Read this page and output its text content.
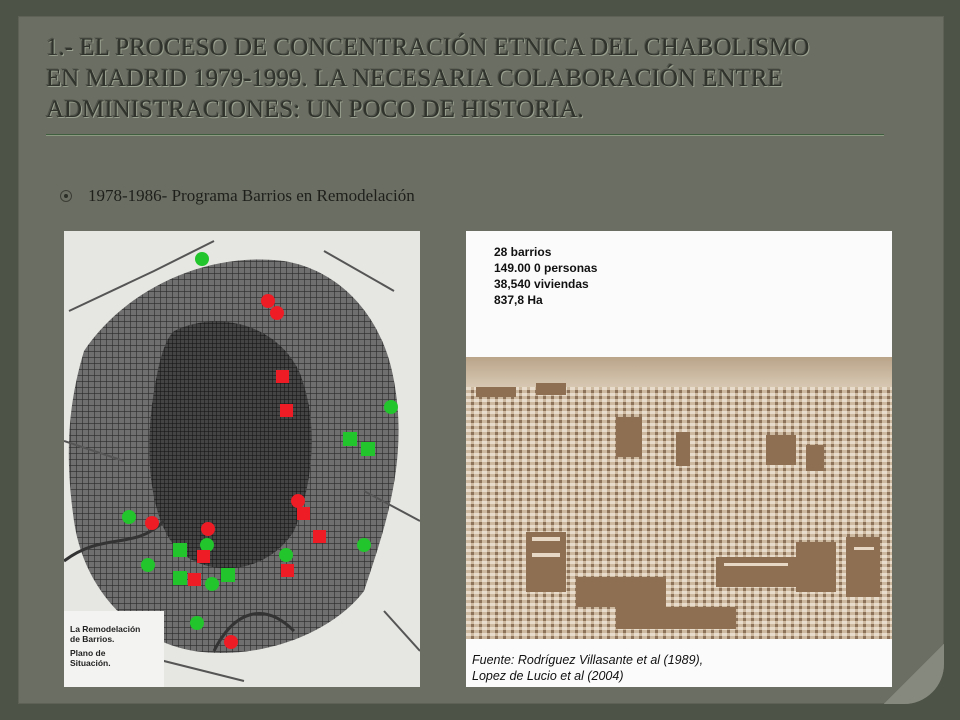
1.- EL PROCESO DE CONCENTRACIÓN ETNICA DEL CHABOLISMO
EN MADRID 1979-1999. LA NECESARIA COLABORACIÓN ENTRE
ADMINISTRACIONES: UN POCO DE HISTORIA.
1978-1986- Programa Barrios en Remodelación
La Remodelación
de Barrios.
Plano de
Situación.
28 barrios
149.00 0 personas
38,540 viviendas
837,8 Ha
Fuente: Rodríguez Villasante et al (1989),
Lopez de Lucio et al (2004)
